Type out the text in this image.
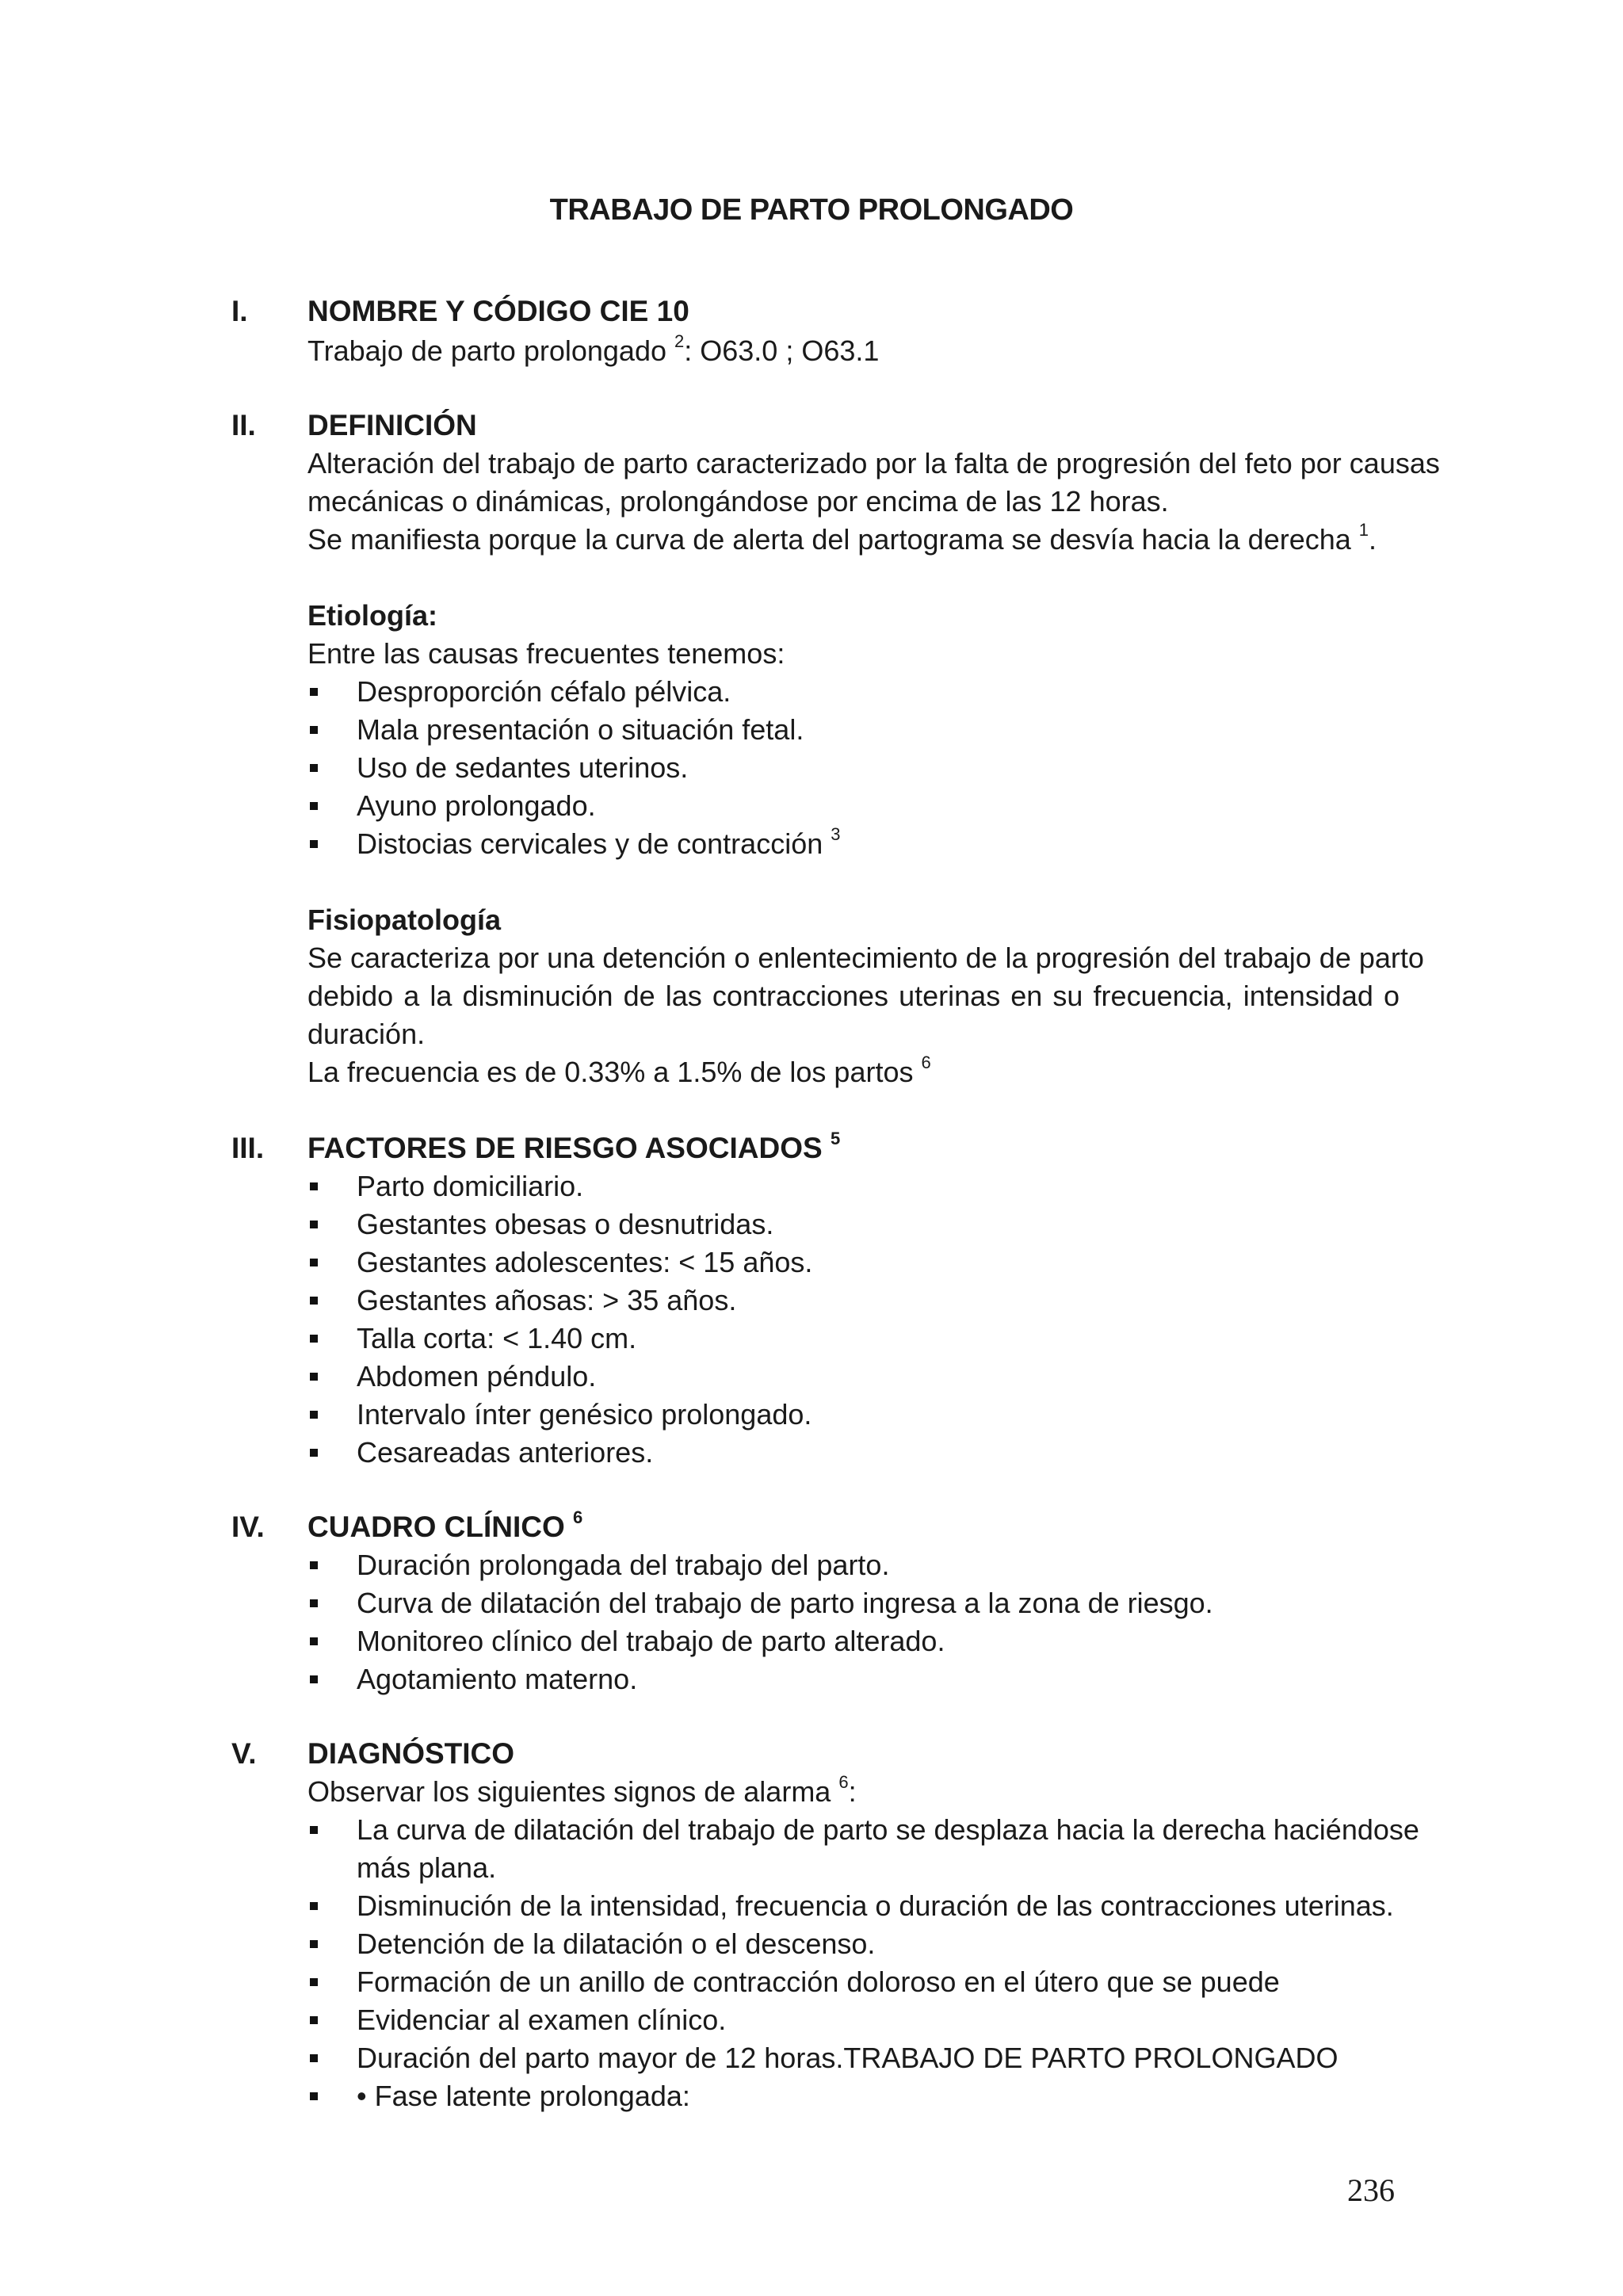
TRABAJO DE PARTO PROLONGADO
I. NOMBRE Y CÓDIGO CIE 10
Trabajo de parto prolongado $^2$: O63.0 ; O63.1
II. DEFINICIÓN
Alteración del trabajo de parto caracterizado por la falta de progresión del feto por causas
mecánicas o dinámicas, prolongándose por encima de las 12 horas.
Se manifiesta porque la curva de alerta del partograma se desvía hacia la derecha $^1$.
Etiología:
Entre las causas frecuentes tenemos:
Desproporción céfalo pélvica.
Mala presentación o situación fetal.
Uso de sedantes uterinos.
Ayuno prolongado.
Distocias cervicales y de contracción $^3$
Fisiopatología
Se caracteriza por una detención o enlentecimiento de la progresión del trabajo de parto
debido a la disminución de las contracciones uterinas en su frecuencia, intensidad o
duración.
La frecuencia es de 0.33% a 1.5% de los partos $^6$
III. FACTORES DE RIESGO ASOCIADOS $^5$
Parto domiciliario.
Gestantes obesas o desnutridas.
Gestantes adolescentes: < 15 años.
Gestantes añosas: > 35 años.
Talla corta: < 1.40 cm.
Abdomen péndulo.
Intervalo ínter genésico prolongado.
Cesareadas anteriores.
IV. CUADRO CLÍNICO $^6$
Duración prolongada del trabajo del parto.
Curva de dilatación del trabajo de parto ingresa a la zona de riesgo.
Monitoreo clínico del trabajo de parto alterado.
Agotamiento materno.
V. DIAGNÓSTICO
Observar los siguientes signos de alarma $^6$:
La curva de dilatación del trabajo de parto se desplaza hacia la derecha haciéndose
más plana.
Disminución de la intensidad, frecuencia o duración de las contracciones uterinas.
Detención de la dilatación o el descenso.
Formación de un anillo de contracción doloroso en el útero que se puede
Evidenciar al examen clínico.
Duración del parto mayor de 12 horas.TRABAJO DE PARTO PROLONGADO
• Fase latente prolongada:
236
